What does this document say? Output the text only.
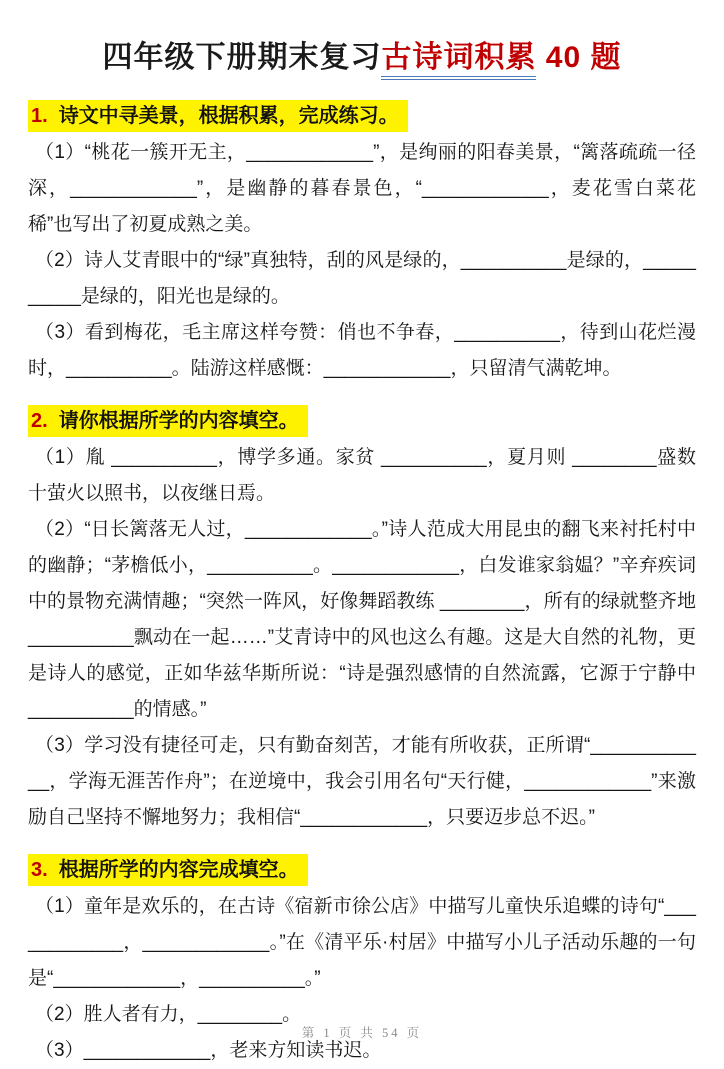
四年级下册期末复习古诗词积累 40 题
1. 诗文中寻美景，根据积累，完成练习。

（1）“桃花一簇开无主，____________”，是绚丽的阳春美景，“篱落疏疏一径深，____________”，是幽静的暮春景色，“____________，麦花雪白菜花稀”也写出了初夏成熟之美。

（2）诗人艾青眼中的“绿”真独特，刮的风是绿的，__________是绿的，__________是绿的，阳光也是绿的。

（3）看到梅花，毛主席这样夸赞：俏也不争春，__________，待到山花烂漫时，__________。陆游这样感慨：____________，只留清气满乾坤。

2. 请你根据所学的内容填空。

（1）胤 __________，博学多通。家贫 __________，夏月则 ________盛数十萤火以照书，以夜继日焉。

（2）“日长篱落无人过，____________。”诗人范成大用昆虫的翻飞来衬托村中的幽静；“茅檐低小，__________。____________，白发谁家翁媪？”辛弃疾词中的景物充满情趣；“突然一阵风，好像舞蹈教练 ________，所有的绿就整齐地 __________飘动在一起……”艾青诗中的风也这么有趣。这是大自然的礼物，更是诗人的感觉，正如华兹华斯所说：“诗是强烈感情的自然流露，它源于宁静中 __________的情感。”

（3）学习没有捷径可走，只有勤奋刻苦，才能有所收获，正所谓“____________，学海无涯苦作舟”；在逆境中，我会引用名句“天行健，____________”来激励自己坚持不懈地努力；我相信“____________，只要迈步总不迟。”

3. 根据所学的内容完成填空。

（1）童年是欢乐的，在古诗《宿新市徐公店》中描写儿童快乐追蝶的诗句“____________，____________。”在《清平乐·村居》中描写小儿子活动乐趣的一句是“____________，__________。”

（2）胜人者有力，________。

（3）____________，老来方知读书迟。

第 1 页 共 54 页
